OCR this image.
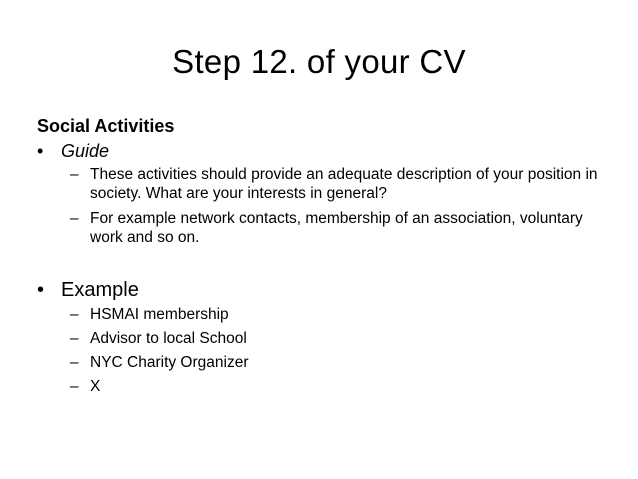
Step 12. of your CV
Social Activities
• Guide
– These activities should provide an adequate description of your position in society. What are your interests in general?
– For example network contacts, membership of an association, voluntary work and so on.
• Example
– HSMAI membership
– Advisor to local School
– NYC Charity Organizer
– X
